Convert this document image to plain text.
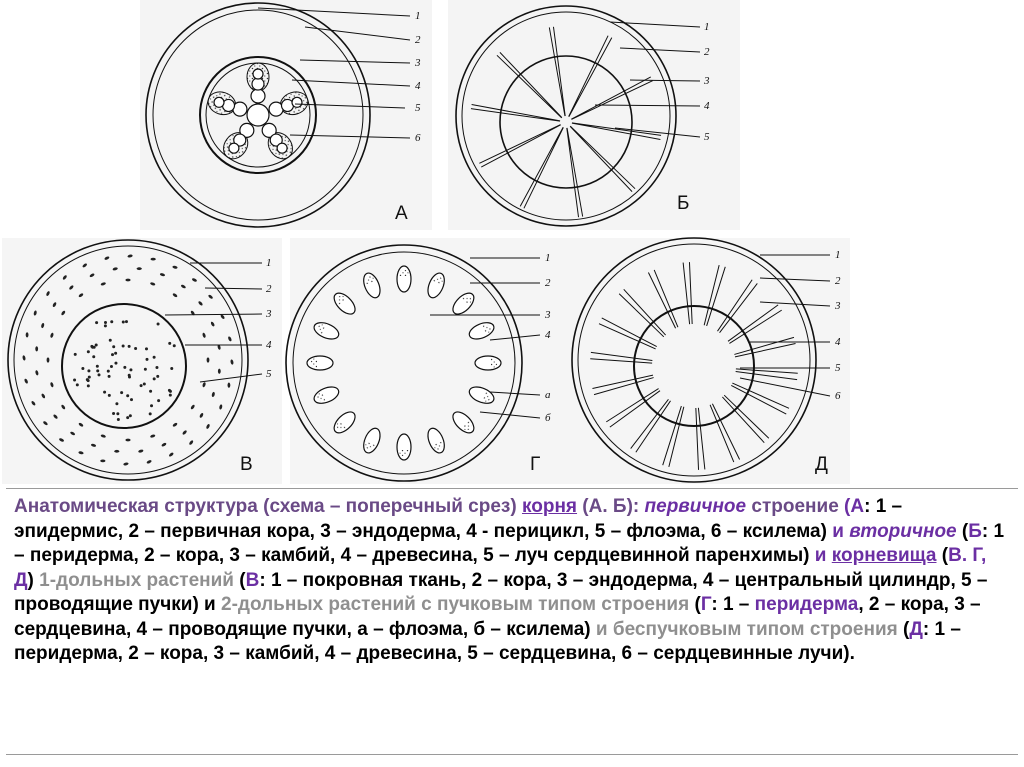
1
2
3
4
5
6
1
2
3
4
5
1
2
3
4
5
1
2
3
4
а
б
1
2
3
4
5
6
А	Б
В	Г	Д
Анатомическая структура (схема – поперечный срез) корня (А. Б): первичное строение (А: 1 – эпидермис, 2 – первичная кора, 3 – эндодерма, 4 - перицикл, 5 – флоэма, 6 – ксилема) и вторичное (Б: 1 – перидерма, 2 – кора, 3 – камбий, 4 – древесина, 5 – луч сердцевинной паренхимы) и корневища (В. Г, Д) 1-дольных растений (В: 1 – покровная ткань, 2 – кора, 3 – эндодерма, 4 – центральный цилиндр, 5 – проводящие пучки) и 2-дольных растений с пучковым типом строения (Г: 1 – перидерма, 2 – кора, 3 – сердцевина, 4 – проводящие пучки, а – флоэма, б – ксилема) и беспучковым типом строения (Д: 1 – перидерма, 2 – кора, 3 – камбий, 4 – древесина, 5 – сердцевина, 6 – сердцевинные лучи).
